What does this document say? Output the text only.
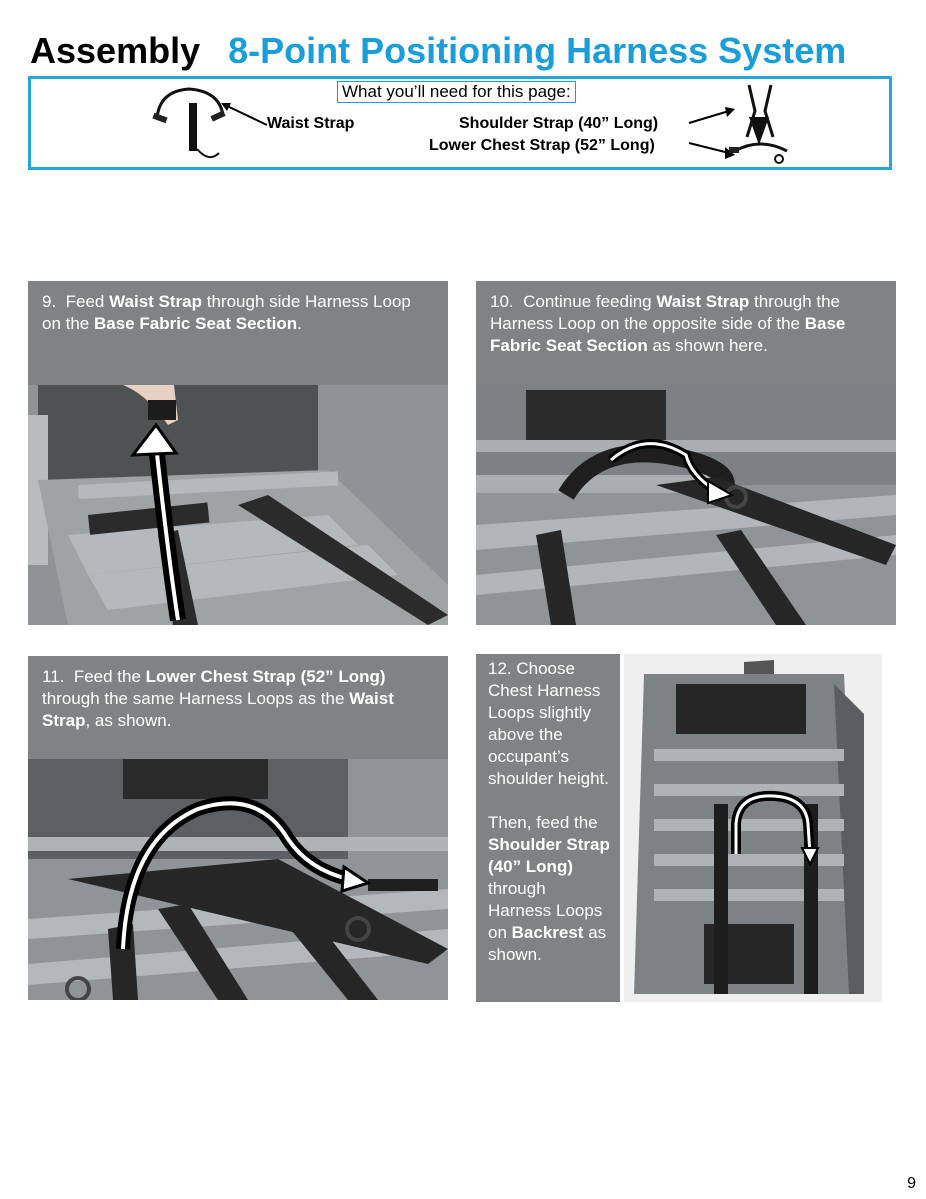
Assembly 8-Point Positioning Harness System
What you’ll need for this page:
Waist Strap	Shoulder Strap (40” Long)
Lower Chest Strap (52” Long)
9. Feed Waist Strap through side Harness Loop on the Base Fabric Seat Section.
10. Continue feeding Waist Strap through the Harness Loop on the opposite side of the Base Fabric Seat Section as shown here.
11. Feed the Lower Chest Strap (52” Long) through the same Harness Loops as the Waist Strap, as shown.
12. Choose Chest Harness Loops slightly above the occupant’s shoulder height.
Then, feed the Shoulder Strap (40” Long) through Harness Loops on Backrest as shown.
9
